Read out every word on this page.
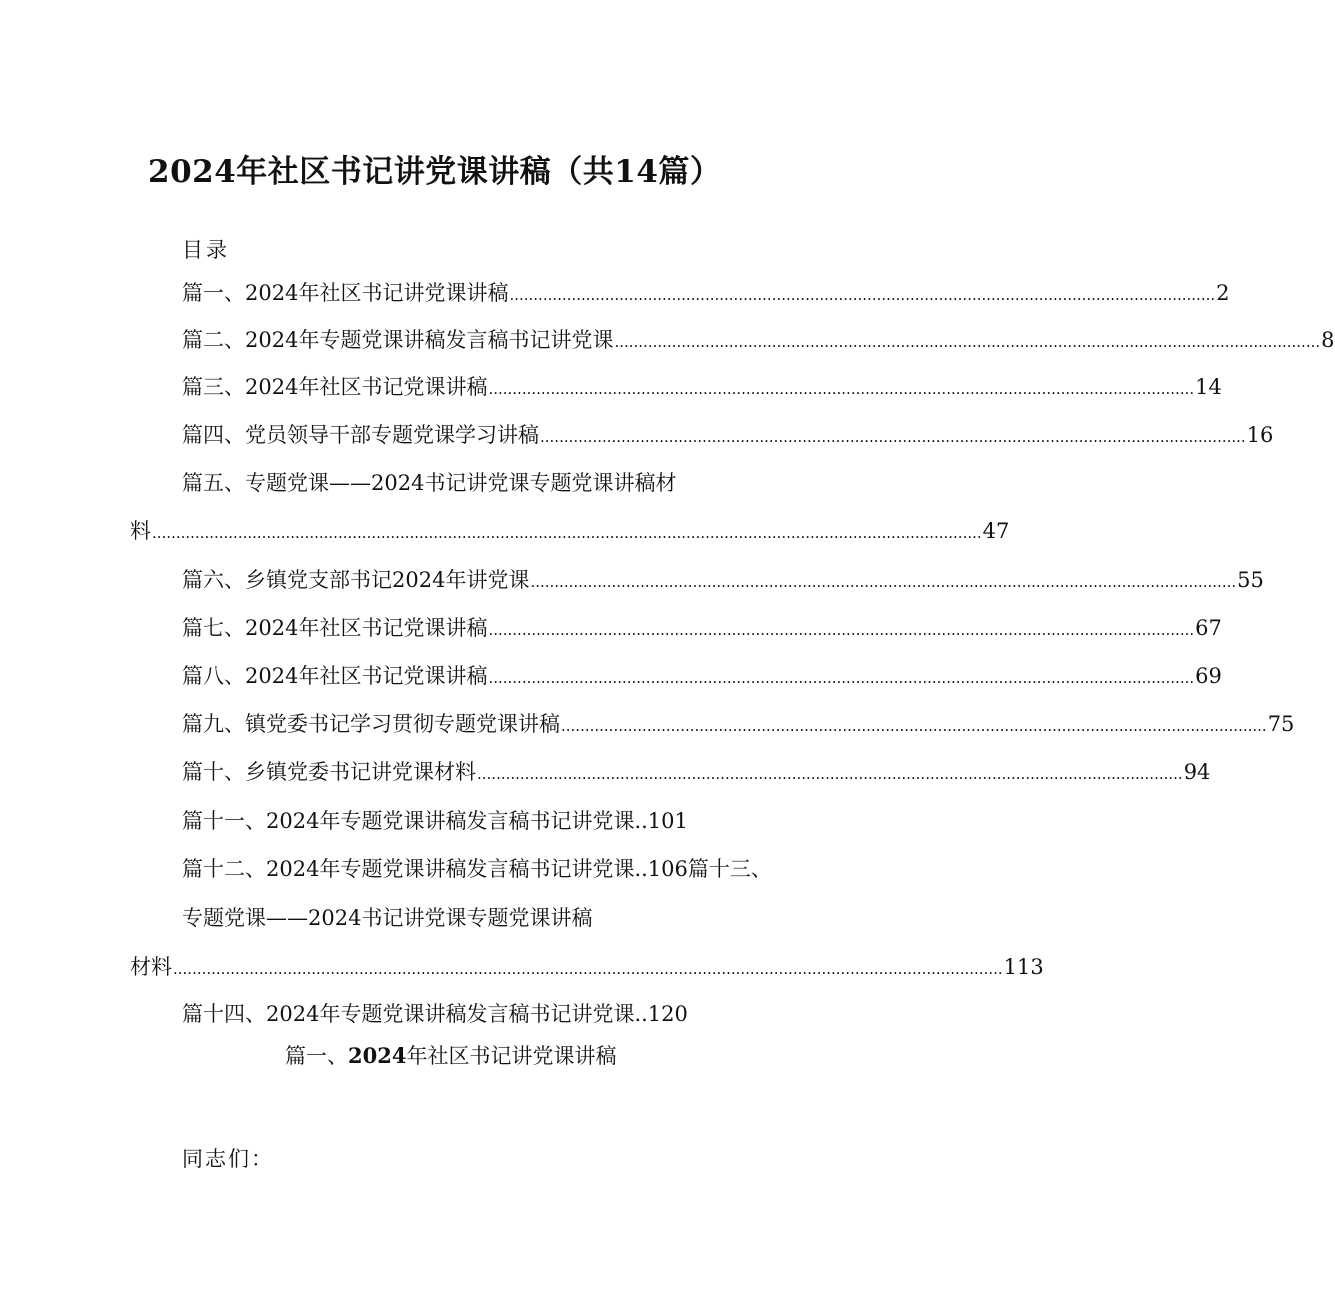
2024年社区书记讲党课讲稿（共14篇）
目录
篇一、2024年社区书记讲党课讲稿 .................................................................................................................................................... 2
篇二、2024年专题党课讲稿发言稿书记讲党课 .................................................................................................................................................... 8
篇三、2024年社区书记党课讲稿 .................................................................................................................................................... 14
篇四、党员领导干部专题党课学习讲稿 .................................................................................................................................................... 16
篇五、专题党课——2024书记讲党课专题党课讲稿材
料 .............................................................................................................................................................................. 47
篇六、乡镇党支部书记2024年讲党课 .................................................................................................................................................... 55
篇七、2024年社区书记党课讲稿 .................................................................................................................................................... 67
篇八、2024年社区书记党课讲稿 .................................................................................................................................................... 69
篇九、镇党委书记学习贯彻专题党课讲稿 .................................................................................................................................................... 75
篇十、乡镇党委书记讲党课材料 .................................................................................................................................................... 94
篇十一、2024年专题党课讲稿发言稿书记讲党课..101
篇十二、2024年专题党课讲稿发言稿书记讲党课..106篇十三、
专题党课——2024书记讲党课专题党课讲稿
材料 .............................................................................................................................................................................. 113
篇十四、2024年专题党课讲稿发言稿书记讲党课..120
篇一、2024年社区书记讲党课讲稿
同志们：
